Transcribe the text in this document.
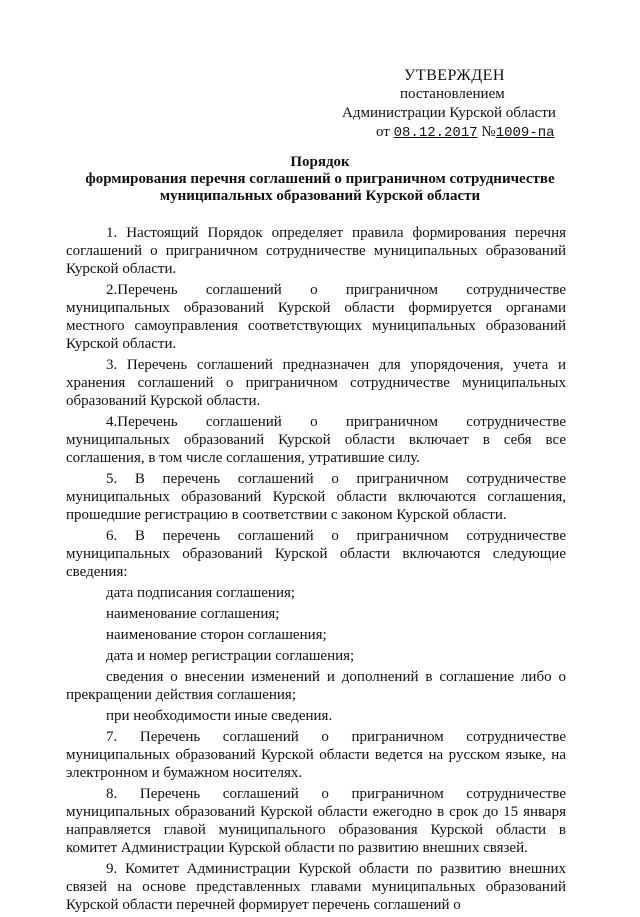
УТВЕРЖДЕН
постановлением
Администрации Курской области
от 08.12.2017 №1009-па
Порядок
формирования перечня соглашений о приграничном сотрудничестве
муниципальных образований Курской области

1. Настоящий Порядок определяет правила формирования перечня соглашений о приграничном сотрудничестве муниципальных образований Курской области.

2.Перечень соглашений о приграничном сотрудничестве муниципальных образований Курской области формируется органами местного самоуправления соответствующих муниципальных образований Курской области.

3. Перечень соглашений предназначен для упорядочения, учета и хранения соглашений о приграничном сотрудничестве муниципальных образований Курской области.

4.Перечень соглашений о приграничном сотрудничестве муниципальных образований Курской области включает в себя все соглашения, в том числе соглашения, утратившие силу.

5. В перечень соглашений о приграничном сотрудничестве муниципальных образований Курской области включаются соглашения, прошедшие регистрацию в соответствии с законом Курской области.

6. В перечень соглашений о приграничном сотрудничестве муниципальных образований Курской области включаются следующие сведения:

дата подписания соглашения;

наименование соглашения;

наименование сторон соглашения;

дата и номер регистрации соглашения;

сведения о внесении изменений и дополнений в соглашение либо о прекращении действия соглашения;

при необходимости иные сведения.

7. Перечень соглашений о приграничном сотрудничестве муниципальных образований Курской области ведется на русском языке, на электронном и бумажном носителях.

8. Перечень соглашений о приграничном сотрудничестве муниципальных образований Курской области ежегодно в срок до 15 января направляется главой муниципального образования Курской области в комитет Администрации Курской области по развитию внешних связей.

9. Комитет Администрации Курской области по развитию внешних связей на основе представленных главами муниципальных образований Курской области перечней формирует перечень соглашений о
